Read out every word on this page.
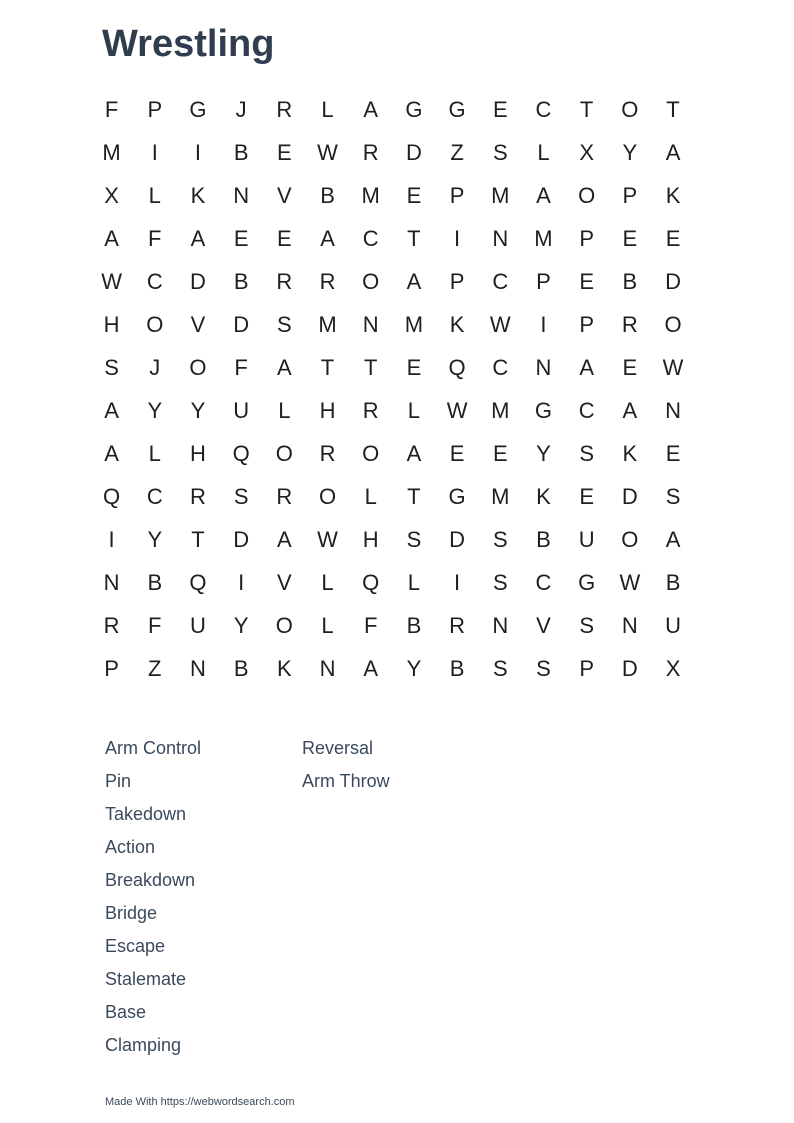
Wrestling
F P G J R L A G G E C T O T
M I I B E W R D Z S L X Y A
X L K N V B M E P M A O P K
A F A E E A C T I N M P E E
W C D B R R O A P C P E B D
H O V D S M N M K W I P R O
S J O F A T T E Q C N A E W
A Y Y U L H R L W M G C A N
A L H Q O R O A E E Y S K E
Q C R S R O L T G M K E D S
I Y T D A W H S D S B U O A
N B Q I V L Q L I S C G W B
R F U Y O L F B R N V S N U
P Z N B K N A Y B S S P D X
Arm Control
Pin
Takedown
Action
Breakdown
Bridge
Escape
Stalemate
Base
Clamping
Reversal
Arm Throw
Made With https://webwordsearch.com
